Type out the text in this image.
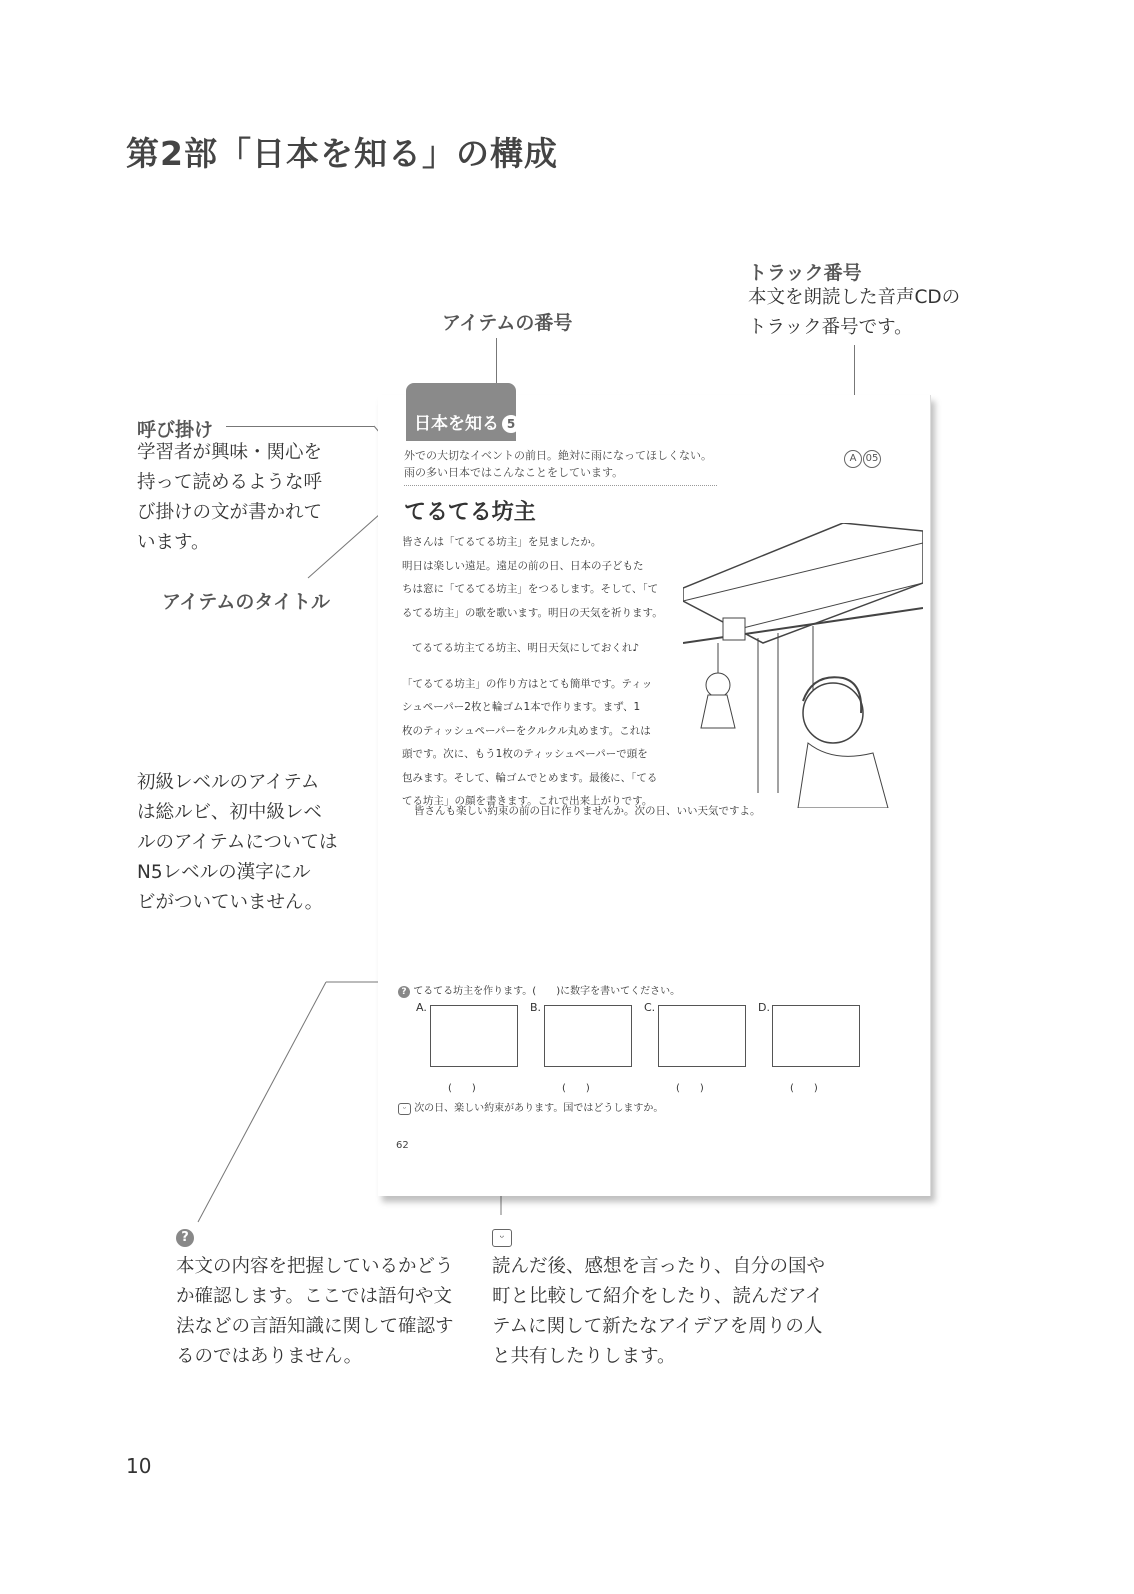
第2部「日本を知る」の構成
トラック番号
本文を朗読した音声CDの
トラック番号です。
アイテムの番号
呼び掛け
学習者が興味・関心を
持って読めるような呼
び掛けの文が書かれて
います。
アイテムのタイトル
初級レベルのアイテム
は総ルビ、初中級レベ
ルのアイテムについては
N5レベルの漢字にル
ビがついていません。
日本を知る 5
外での大切なイベントの前日。絶対に雨になってほしくない。
雨の多い日本ではこんなことをしています。
A 05
てるてる坊主
皆さんは「てるてる坊主」を見ましたか。
明日は楽しい遠足。遠足の前の日、日本の子どもた
ちは窓に「てるてる坊主」をつるします。そして、「て
るてる坊主」の歌を歌います。明日の天気を祈ります。
てるてる坊主てる坊主、明日天気にしておくれ♪
「てるてる坊主」の作り方はとても簡単です。ティッ
シュペーパー2枚と輪ゴム1本で作ります。まず、1
枚のティッシュペーパーをクルクル丸めます。これは
頭です。次に、もう1枚のティッシュペーパーで頭を
包みます。そして、輪ゴムでとめます。最後に、「てる
てる坊主」の顔を書きます。これで出来上がりです。
皆さんも楽しい約束の前の日に作りませんか。次の日、いい天気ですよ。
? てるてる坊主を作ります。(　　)に数字を書いてください。
A.	B.	C.	D.
(　　)	(　　)	(　　)	(　　)
ᵕ 次の日、楽しい約束があります。国ではどうしますか。
62
?
本文の内容を把握しているかどう
か確認します。ここでは語句や文
法などの言語知識に関して確認す
るのではありません。
ᵕ
読んだ後、感想を言ったり、自分の国や
町と比較して紹介をしたり、読んだアイ
テムに関して新たなアイデアを周りの人
と共有したりします。
10
